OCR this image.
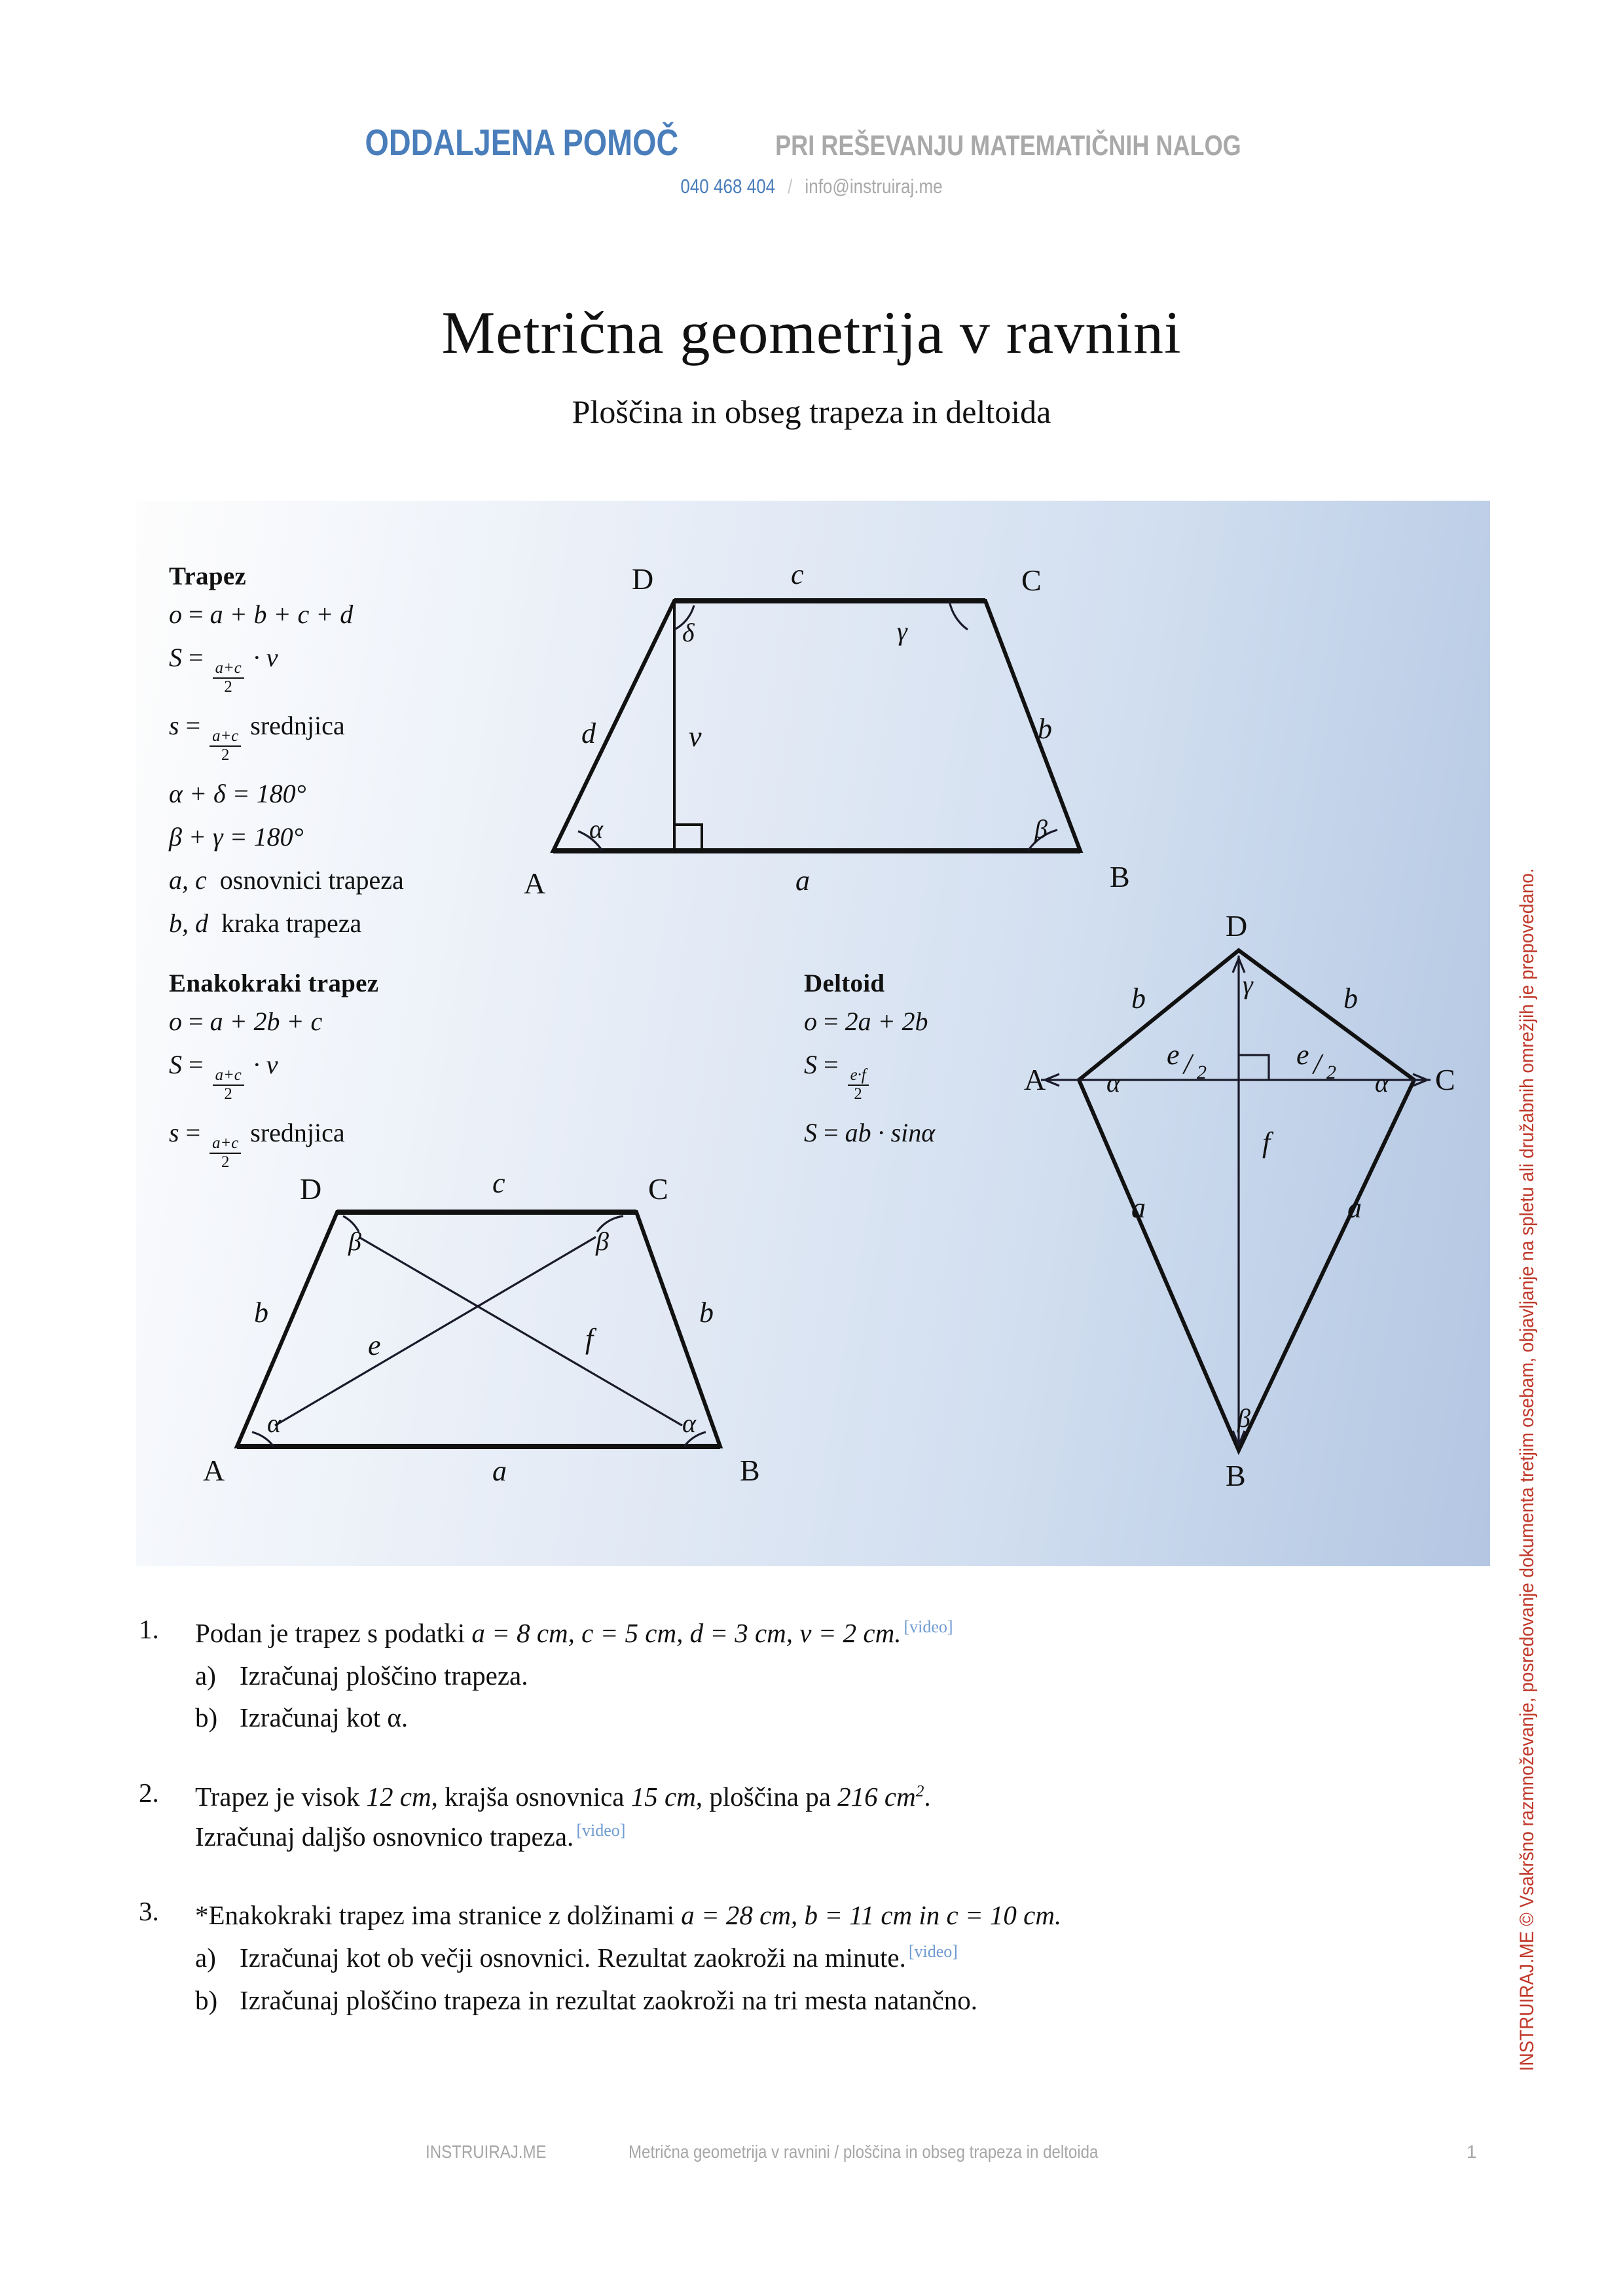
ODDALJENA POMOČ	PRI REŠEVANJU MATEMATIČNIH NALOG
040 468 404 / info@instruiraj.me
Metrična geometrija v ravnini
Ploščina in obseg trapeza in deltoida
Trapez
o = a + b + c + d
S =
$\frac{a+c}{2}$
· v
s =
$\frac{a+c}{2}$
srednjica
α + δ = 180°
β + γ = 180°
a, c osnovnici trapeza
b, d kraka trapeza
Enakokraki trapez
o = a + 2b + c
S =
$\frac{a+c}{2}$
· v
s =
$\frac{a+c}{2}$
srednjica
Deltoid
o = 2a + 2b
S =
$\frac{e\cdot f}{2}$
S = ab · sinα
D	C
A	B
c
a
d	b
v
α	β
γ
δ
D	C
A	B
c
a
b	b
e	f
α	α
β	β
D
B
A	C
b	b
a	a
f
α	α
γ
β
e / 2
e / 2
1.	Podan je trapez s podatki a = 8 cm, c = 5 cm, d = 3 cm, v = 2 cm. [video]
a) Izračunaj ploščino trapeza.
b) Izračunaj kot α.
2.	Trapez je visok 12 cm, krajša osnovnica 15 cm, ploščina pa 216 $cm^2$.
Izračunaj daljšo osnovnico trapeza. [video]
3.	*Enakokraki trapez ima stranice z dolžinami a = 28 cm, b = 11 cm in c = 10 cm.
a) Izračunaj kot ob večji osnovnici. Rezultat zaokroži na minute. [video]
b) Izračunaj ploščino trapeza in rezultat zaokroži na tri mesta natančno.
INSTRUIRAJ.ME	Metrična geometrija v ravnini / ploščina in obseg trapeza in deltoida	1
INSTRUIRAJ.ME © Vsakršno razmnoževanje, posredovanje dokumenta tretjim osebam, objavljanje na spletu ali družabnih omrežjih je prepovedano.
